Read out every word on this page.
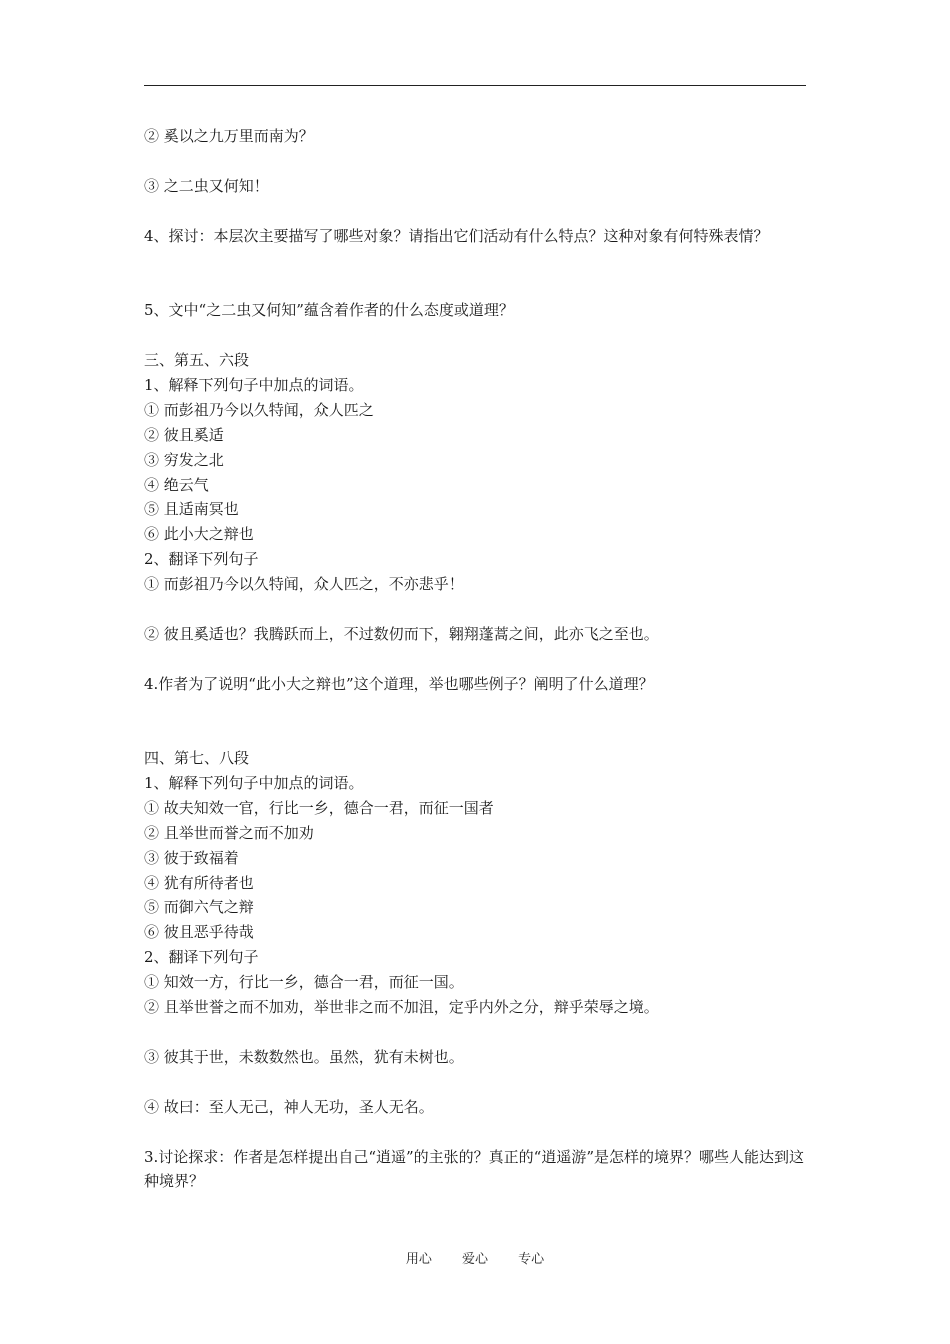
② 奚以之九万里而南为？
③ 之二虫又何知！
4、探讨：本层次主要描写了哪些对象？请指出它们活动有什么特点？这种对象有何特殊表情？
5、文中“之二虫又何知”蕴含着作者的什么态度或道理？
三、第五、六段
1、解释下列句子中加点的词语。
① 而彭祖乃今以久特闻，众人匹之
② 彼且奚适
③ 穷发之北
④ 绝云气
⑤ 且适南冥也
⑥ 此小大之辩也
2、翻译下列句子
① 而彭祖乃今以久特闻，众人匹之，不亦悲乎！
② 彼且奚适也？我腾跃而上，不过数仞而下，翱翔蓬蒿之间，此亦飞之至也。
4.作者为了说明“此小大之辩也”这个道理，举也哪些例子？阐明了什么道理？
四、第七、八段
1、解释下列句子中加点的词语。
① 故夫知效一官，行比一乡，德合一君，而征一国者
② 且举世而誉之而不加劝
③ 彼于致福着
④ 犹有所待者也
⑤ 而御六气之辩
⑥ 彼且恶乎待哉
2、翻译下列句子
① 知效一方，行比一乡，德合一君，而征一国。
② 且举世誉之而不加劝，举世非之而不加沮，定乎内外之分，辩乎荣辱之境。
③ 彼其于世，未数数然也。虽然，犹有未树也。
④ 故曰：至人无己，神人无功，圣人无名。
3.讨论探求：作者是怎样提出自己“逍遥”的主张的？真正的“逍遥游”是怎样的境界？哪些人能达到这种境界？
用心 爱心 专心
